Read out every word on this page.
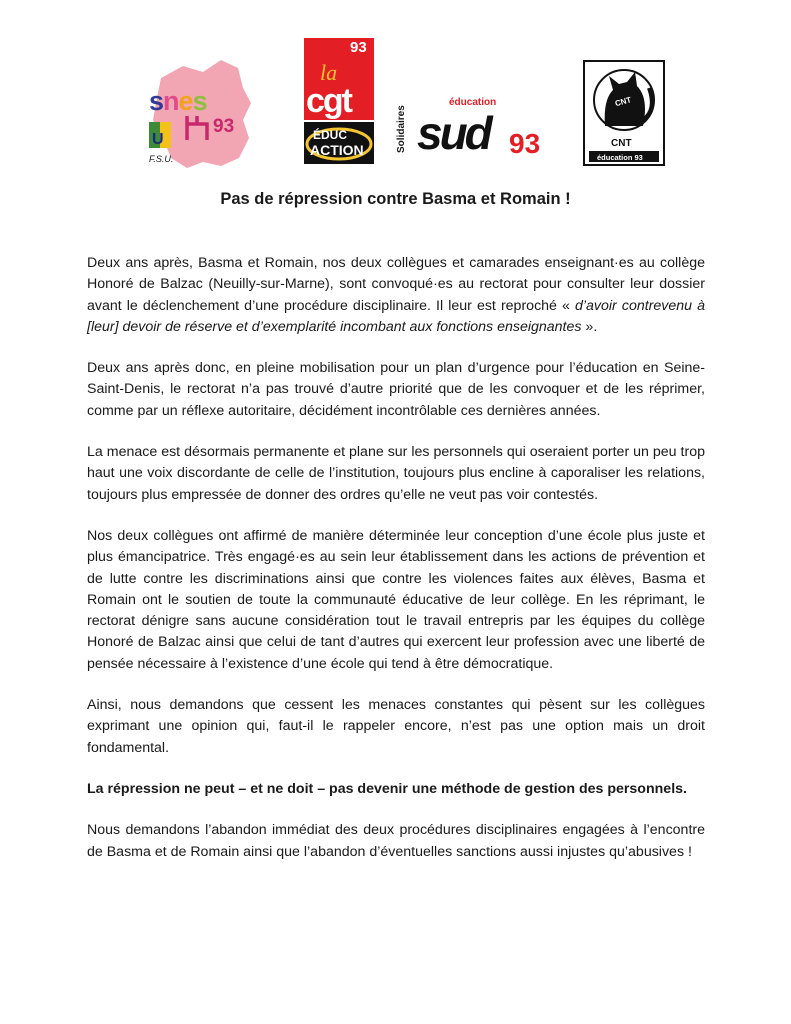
snes
U
93
F.S.U.
93
la
cgt
ÉDUC
ACTION	Solidaires
éducation
sud 93
CNT
CNT
éducation 93
Pas de répression contre Basma et Romain !

Deux ans après, Basma et Romain, nos deux collègues et camarades enseignant·es au collège Honoré de Balzac (Neuilly-sur-Marne), sont convoqué·es au rectorat pour consulter leur dossier avant le déclenchement d’une procédure disciplinaire. Il leur est reproché « d’avoir contrevenu à [leur] devoir de réserve et d’exemplarité incombant aux fonctions enseignantes ».

Deux ans après donc, en pleine mobilisation pour un plan d’urgence pour l’éducation en Seine-Saint-Denis, le rectorat n’a pas trouvé d’autre priorité que de les convoquer et de les réprimer, comme par un réflexe autoritaire, décidément incontrôlable ces dernières années.

La menace est désormais permanente et plane sur les personnels qui oseraient porter un peu trop haut une voix discordante de celle de l’institution, toujours plus encline à caporaliser les relations, toujours plus empressée de donner des ordres qu’elle ne veut pas voir contestés.

Nos deux collègues ont affirmé de manière déterminée leur conception d’une école plus juste et plus émancipatrice. Très engagé·es au sein leur établissement dans les actions de prévention et de lutte contre les discriminations ainsi que contre les violences faites aux élèves, Basma et Romain ont le soutien de toute la communauté éducative de leur collège. En les réprimant, le rectorat dénigre sans aucune considération tout le travail entrepris par les équipes du collège Honoré de Balzac ainsi que celui de tant d’autres qui exercent leur profession avec une liberté de pensée nécessaire à l’existence d’une école qui tend à être démocratique.

Ainsi, nous demandons que cessent les menaces constantes qui pèsent sur les collègues exprimant une opinion qui, faut-il le rappeler encore, n’est pas une option mais un droit fondamental.

La répression ne peut – et ne doit – pas devenir une méthode de gestion des personnels.

Nous demandons l’abandon immédiat des deux procédures disciplinaires engagées à l’encontre de Basma et de Romain ainsi que l’abandon d’éventuelles sanctions aussi injustes qu’abusives !
